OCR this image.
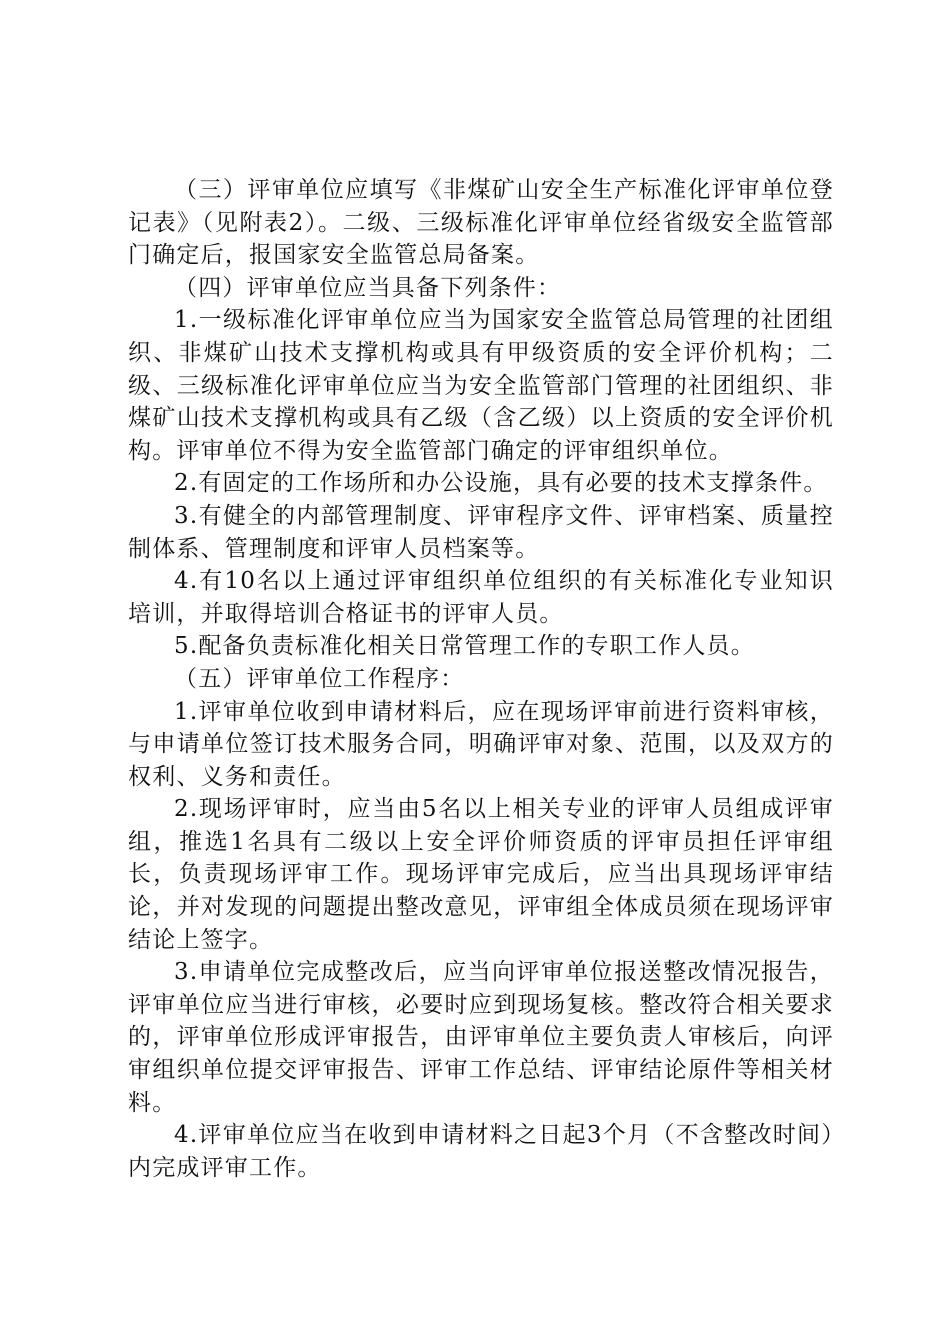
（三）评审单位应填写《非煤矿山安全生产标准化评审单位登记表》（见附表2）。二级、三级标准化评审单位经省级安全监管部门确定后，报国家安全监管总局备案。

（四）评审单位应当具备下列条件：

1.一级标准化评审单位应当为国家安全监管总局管理的社团组织、非煤矿山技术支撑机构或具有甲级资质的安全评价机构；二级、三级标准化评审单位应当为安全监管部门管理的社团组织、非煤矿山技术支撑机构或具有乙级（含乙级）以上资质的安全评价机构。评审单位不得为安全监管部门确定的评审组织单位。

2.有固定的工作场所和办公设施，具有必要的技术支撑条件。

3.有健全的内部管理制度、评审程序文件、评审档案、质量控制体系、管理制度和评审人员档案等。

4.有10名以上通过评审组织单位组织的有关标准化专业知识培训，并取得培训合格证书的评审人员。

5.配备负责标准化相关日常管理工作的专职工作人员。

（五）评审单位工作程序：

1.评审单位收到申请材料后，应在现场评审前进行资料审核，与申请单位签订技术服务合同，明确评审对象、范围，以及双方的权利、义务和责任。

2.现场评审时，应当由5名以上相关专业的评审人员组成评审组，推选1名具有二级以上安全评价师资质的评审员担任评审组长，负责现场评审工作。现场评审完成后，应当出具现场评审结论，并对发现的问题提出整改意见，评审组全体成员须在现场评审结论上签字。

3.申请单位完成整改后，应当向评审单位报送整改情况报告，评审单位应当进行审核，必要时应到现场复核。整改符合相关要求的，评审单位形成评审报告，由评审单位主要负责人审核后，向评审组织单位提交评审报告、评审工作总结、评审结论原件等相关材料。

4.评审单位应当在收到申请材料之日起3个月（不含整改时间）内完成评审工作。
